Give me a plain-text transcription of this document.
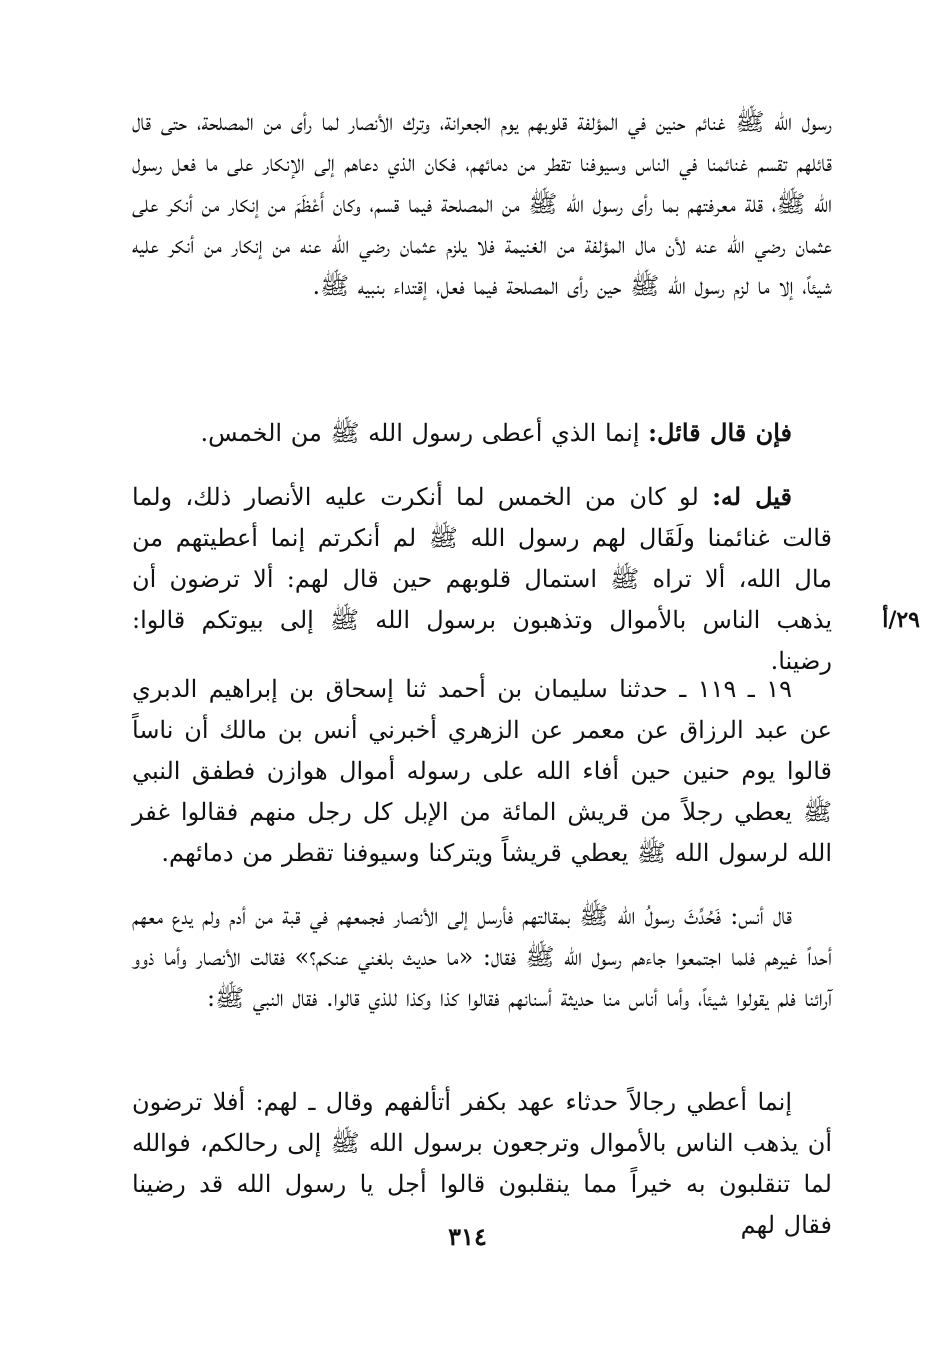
رسول الله ﷺ غنائم حنين في المؤلفة قلوبهم يوم الجعرانة، وترك الأنصار لما رأى من المصلحة، حتى قال قائلهم تقسم غنائمنا في الناس وسيوفنا تقطر من دمائهم، فكان الذي دعاهم إلى الإنكار على ما فعل رسول الله ﷺ، قلة معرفتهم بما رأى رسول الله ﷺ من المصلحة فيما قسم، وكان أَعْظَمَ من إنكار من أنكر على عثمان رضي الله عنه لأن مال المؤلفة من الغنيمة فلا يلزم عثمان رضي الله عنه من إنكار من أنكر عليه شيئاً، إلا ما لزم رسول الله ﷺ حين رأى المصلحة فيما فعل، إقتداء بنبيه ﷺ.

فإن قال قائل: إنما الذي أعطى رسول الله ﷺ من الخمس.

قيل له: لو كان من الخمس لما أنكرت عليه الأنصار ذلك، ولما قالت غنائمنا ولَقَال لهم رسول الله ﷺ لم أنكرتم إنما أعطيتهم من مال الله، ألا تراه ﷺ استمال قلوبهم حين قال لهم: ألا ترضون أن يذهب الناس بالأموال وتذهبون برسول الله ﷺ إلى بيوتكم قالوا: رضينا.

٢٩/أ

١٩ ـ ١١٩ ـ حدثنا سليمان بن أحمد ثنا إسحاق بن إبراهيم الدبري عن عبد الرزاق عن معمر عن الزهري أخبرني أنس بن مالك أن ناساً قالوا يوم حنين حين أفاء الله على رسوله أموال هوازن فطفق النبي ﷺ يعطي رجلاً من قريش المائة من الإبل كل رجل منهم فقالوا غفر الله لرسول الله ﷺ يعطي قريشاً ويتركنا وسيوفنا تقطر من دمائهم.

قال أنس: فَحُدِّثَ رسولُ الله ﷺ بمقالتهم فأرسل إلى الأنصار فجمعهم في قبة من أدم ولم يدع معهم أحداً غيرهم فلما اجتمعوا جاءهم رسول الله ﷺ فقال: «ما حديث بلغني عنكم؟» فقالت الأنصار وأما ذوو آرائنا فلم يقولوا شيئاً، وأما أناس منا حديثة أسنانهم فقالوا كذا وكذا للذي قالوا. فقال النبي ﷺ:

إنما أعطي رجالاً حدثاء عهد بكفر أتألفهم وقال ـ لهم: أفلا ترضون أن يذهب الناس بالأموال وترجعون برسول الله ﷺ إلى رحالكم، فوالله لما تنقلبون به خيراً مما ينقلبون قالوا أجل يا رسول الله قد رضينا فقال لهم

٣١٤
